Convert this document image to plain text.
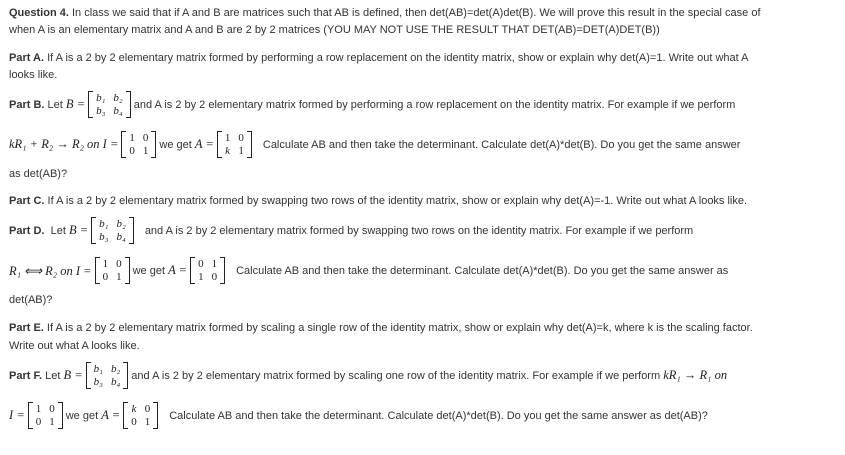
Question 4. In class we said that if A and B are matrices such that AB is defined, then det(AB)=det(A)det(B). We will prove this result in the special case of
when A is an elementary matrix and A and B are 2 by 2 matrices (YOU MAY NOT USE THE RESULT THAT DET(AB)=DET(A)DET(B))
Part A. If A is a 2 by 2 elementary matrix formed by performing a row replacement on the identity matrix, show or explain why det(A)=1. Write out what A
looks like.
Part B.
Let
B = b₁ b₂
b₃ b₄
and A is 2 by 2 elementary matrix formed by performing a row replacement on the identity matrix. For example if we perform
kR₁ + R₂ → R₂ on I = 1 0
0 1
we get
A = 1 0
k 1
Calculate AB and then take the determinant. Calculate det(A)*det(B). Do you get the same answer
as det(AB)?
Part C. If A is a 2 by 2 elementary matrix formed by swapping two rows of the identity matrix, show or explain why det(A)=-1. Write out what A looks like.
Part D.
Let
B = b₁ b₂
b₃ b₄
and A is 2 by 2 elementary matrix formed by swapping two rows on the identity matrix. For example if we perform
R₁ ⟺ R₂ on I = 1 0
0 1
we get
A = 0 1
1 0
Calculate AB and then take the determinant. Calculate det(A)*det(B). Do you get the same answer as
det(AB)?
Part E. If A is a 2 by 2 elementary matrix formed by scaling a single row of the identity matrix, show or explain why det(A)=k, where k is the scaling factor.
Write out what A looks like.
Part F.
Let
B = b₁ b₂
b₃ b₄
and A is 2 by 2 elementary matrix formed by scaling one row of the identity matrix. For example if we perform
kR₁ → R₁ on
I = 1 0
0 1
we get
A = k 0
0 1
Calculate AB and then take the determinant. Calculate det(A)*det(B). Do you get the same answer as det(AB)?
